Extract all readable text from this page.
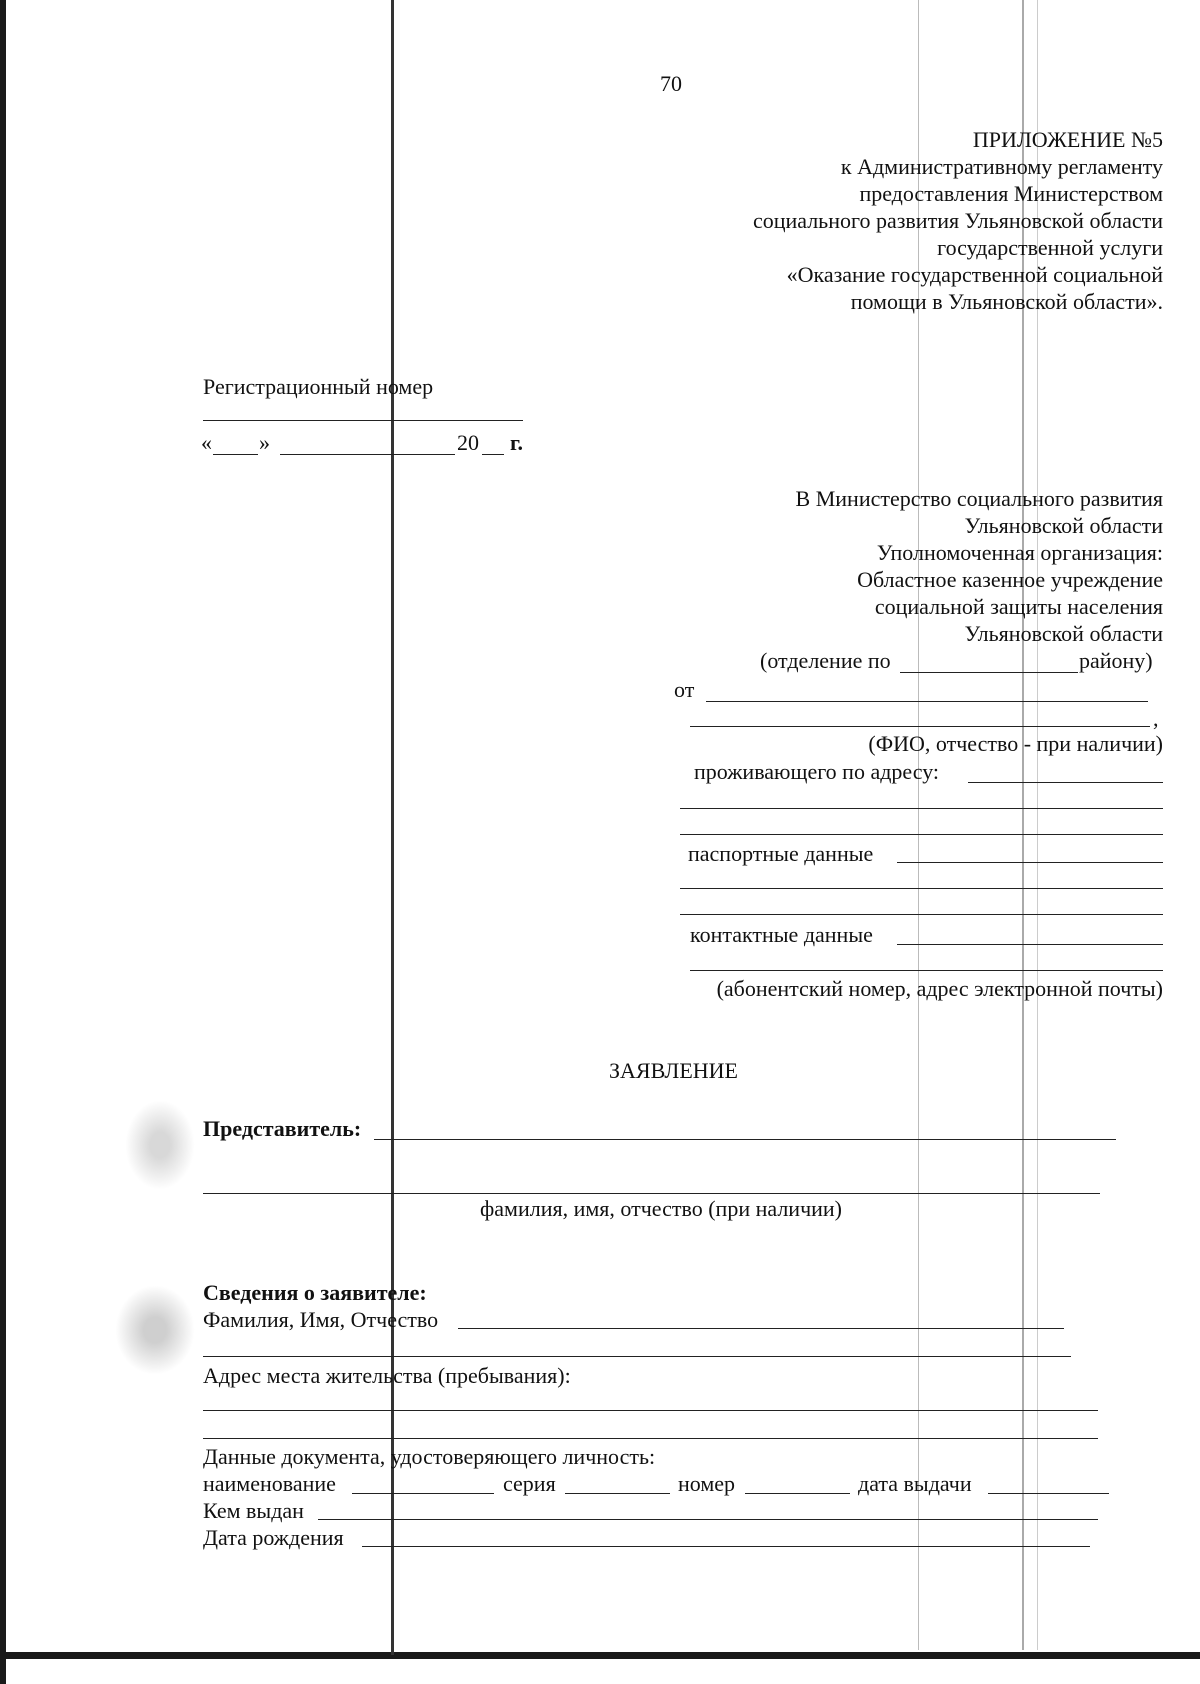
70
ПРИЛОЖЕНИЕ №5
к Административному регламенту
предоставления Министерством
социального развития Ульяновской области
государственной услуги
«Оказание государственной социальной
помощи в Ульяновской области».
Регистрационный номер
« »	20 г.
В Министерство социального развития
Ульяновской области
Уполномоченная организация:
Областное казенное учреждение
социальной защиты населения
Ульяновской области
(отделение по	району)
от
,
(ФИО, отчество - при наличии)
проживающего по адресу:
паспортные данные
контактные данные
(абонентский номер, адрес электронной почты)
ЗАЯВЛЕНИЕ
Представитель:
фамилия, имя, отчество (при наличии)
Сведения о заявителе:
Фамилия, Имя, Отчество
Адрес места жительства (пребывания):
Данные документа, удостоверяющего личность:
наименование	серия	номер	дата выдачи
Кем выдан
Дата рождения
